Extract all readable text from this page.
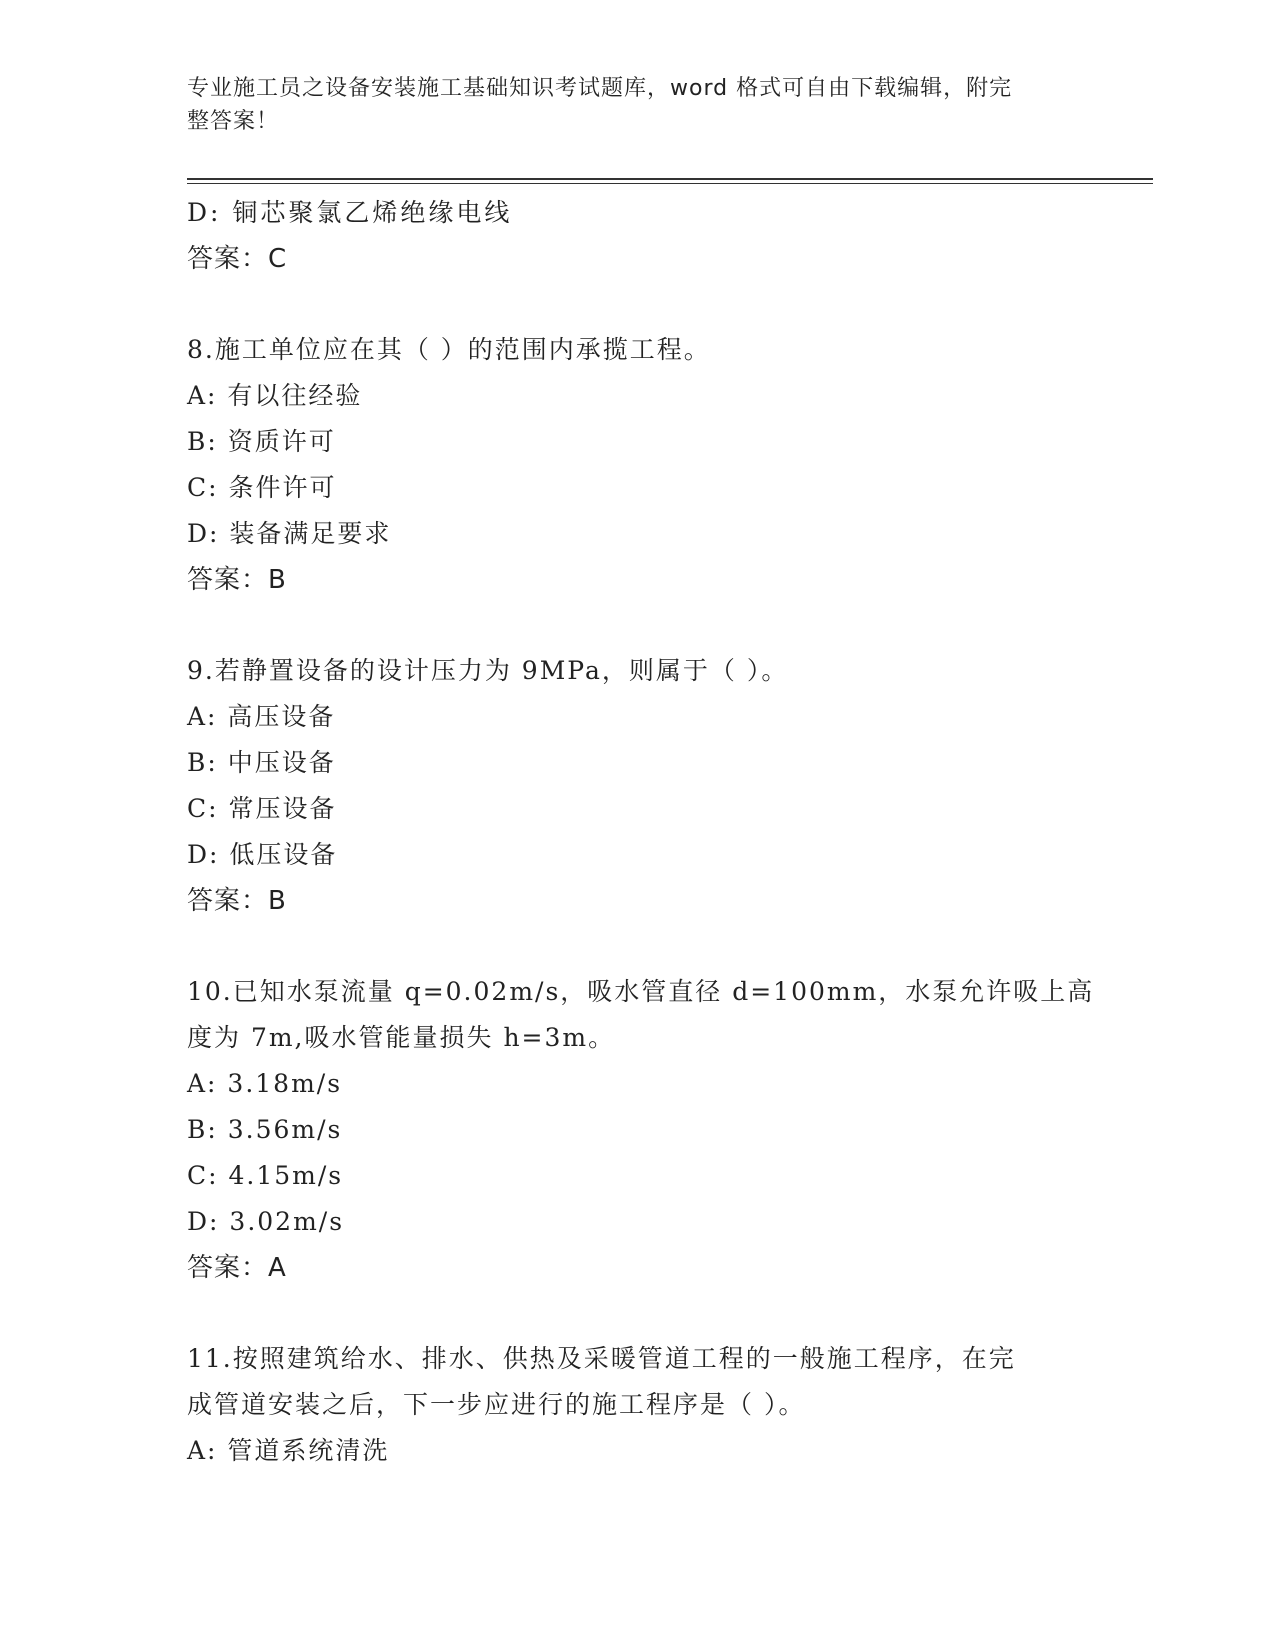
专业施工员之设备安装施工基础知识考试题库，word 格式可自由下载编辑，附完
整答案！
D: 铜芯聚氯乙烯绝缘电线
答案：C
8.施工单位应在其（ ）的范围内承揽工程。
A: 有以往经验
B: 资质许可
C: 条件许可
D: 装备满足要求
答案：B
9.若静置设备的设计压力为 9MPa，则属于（ ）。
A: 高压设备
B: 中压设备
C: 常压设备
D: 低压设备
答案：B
10.已知水泵流量 q=0.02m/s，吸水管直径 d=100mm，水泵允许吸上高
度为 7m,吸水管能量损失 h=3m。
A: 3.18m/s
B: 3.56m/s
C: 4.15m/s
D: 3.02m/s
答案：A
11.按照建筑给水、排水、供热及采暖管道工程的一般施工程序，在完
成管道安装之后，下一步应进行的施工程序是（ ）。
A: 管道系统清洗
